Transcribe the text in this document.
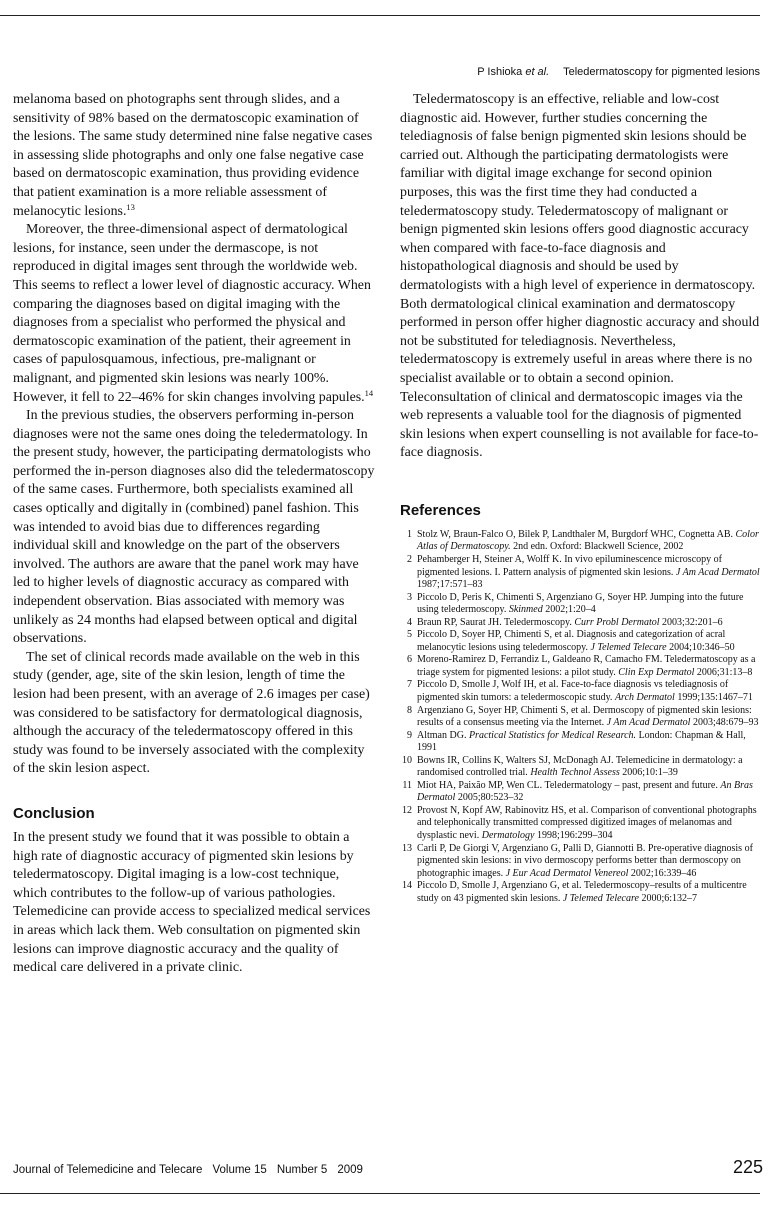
P Ishioka et al. Teledermatoscopy for pigmented lesions

melanoma based on photographs sent through slides, and a sensitivity of 98% based on the dermatoscopic examination of the lesions. The same study determined nine false negative cases in assessing slide photographs and only one false negative case based on dermatoscopic examination, thus providing evidence that patient examination is a more reliable assessment of melanocytic lesions.$^{13}$

Moreover, the three-dimensional aspect of dermatological lesions, for instance, seen under the dermascope, is not reproduced in digital images sent through the worldwide web. This seems to reflect a lower level of diagnostic accuracy. When comparing the diagnoses based on digital imaging with the diagnoses from a specialist who performed the physical and dermatoscopic examination of the patient, their agreement in cases of papulosquamous, infectious, pre-malignant or malignant, and pigmented skin lesions was nearly 100%. However, it fell to 22–46% for skin changes involving papules.$^{14}$

In the previous studies, the observers performing in-person diagnoses were not the same ones doing the teledermatology. In the present study, however, the participating dermatologists who performed the in-person diagnoses also did the teledermatoscopy of the same cases. Furthermore, both specialists examined all cases optically and digitally in (combined) panel fashion. This was intended to avoid bias due to differences regarding individual skill and knowledge on the part of the observers involved. The authors are aware that the panel work may have led to higher levels of diagnostic accuracy as compared with independent observation. Bias associated with memory was unlikely as 24 months had elapsed between optical and digital observations.

The set of clinical records made available on the web in this study (gender, age, site of the skin lesion, length of time the lesion had been present, with an average of 2.6 images per case) was considered to be satisfactory for dermatological diagnosis, although the accuracy of the teledermatoscopy offered in this study was found to be inversely associated with the complexity of the skin lesion aspect.

Conclusion

In the present study we found that it was possible to obtain a high rate of diagnostic accuracy of pigmented skin lesions by teledermatoscopy. Digital imaging is a low-cost technique, which contributes to the follow-up of various pathologies. Telemedicine can provide access to specialized medical services in areas which lack them. Web consultation on pigmented skin lesions can improve diagnostic accuracy and the quality of medical care delivered in a private clinic.

Teledermatoscopy is an effective, reliable and low-cost diagnostic aid. However, further studies concerning the telediagnosis of false benign pigmented skin lesions should be carried out. Although the participating dermatologists were familiar with digital image exchange for second opinion purposes, this was the first time they had conducted a teledermatoscopy study. Teledermatoscopy of malignant or benign pigmented skin lesions offers good diagnostic accuracy when compared with face-to-face diagnosis and histopathological diagnosis and should be used by dermatologists with a high level of experience in dermatoscopy. Both dermatological clinical examination and dermatoscopy performed in person offer higher diagnostic accuracy and should not be substituted for telediagnosis. Nevertheless, teledermatoscopy is extremely useful in areas where there is no specialist available or to obtain a second opinion. Teleconsultation of clinical and dermatoscopic images via the web represents a valuable tool for the diagnosis of pigmented skin lesions when expert counselling is not available for face-to-face diagnosis.

References
1 Stolz W, Braun-Falco O, Bilek P, Landthaler M, Burgdorf WHC, Cognetta AB. Color Atlas of Dermatoscopy. 2nd edn. Oxford: Blackwell Science, 2002
2 Pehamberger H, Steiner A, Wolff K. In vivo epiluminescence microscopy of pigmented lesions. I. Pattern analysis of pigmented skin lesions. J Am Acad Dermatol 1987;17:571–83
3 Piccolo D, Peris K, Chimenti S, Argenziano G, Soyer HP. Jumping into the future using teledermoscopy. Skinmed 2002;1:20–4
4 Braun RP, Saurat JH. Teledermoscopy. Curr Probl Dermatol 2003;32:201–6
5 Piccolo D, Soyer HP, Chimenti S, et al. Diagnosis and categorization of acral melanocytic lesions using teledermoscopy. J Telemed Telecare 2004;10:346–50
6 Moreno-Ramirez D, Ferrandiz L, Galdeano R, Camacho FM. Teledermatoscopy as a triage system for pigmented lesions: a pilot study. Clin Exp Dermatol 2006;31:13–8
7 Piccolo D, Smolle J, Wolf IH, et al. Face-to-face diagnosis vs telediagnosis of pigmented skin tumors: a teledermoscopic study. Arch Dermatol 1999;135:1467–71
8 Argenziano G, Soyer HP, Chimenti S, et al. Dermoscopy of pigmented skin lesions: results of a consensus meeting via the Internet. J Am Acad Dermatol 2003;48:679–93
9 Altman DG. Practical Statistics for Medical Research. London: Chapman & Hall, 1991
10 Bowns IR, Collins K, Walters SJ, McDonagh AJ. Telemedicine in dermatology: a randomised controlled trial. Health Technol Assess 2006;10:1–39
11 Miot HA, Paixão MP, Wen CL. Teledermatology – past, present and future. An Bras Dermatol 2005;80:523–32
12 Provost N, Kopf AW, Rabinovitz HS, et al. Comparison of conventional photographs and telephonically transmitted compressed digitized images of melanomas and dysplastic nevi. Dermatology 1998;196:299–304
13 Carli P, De Giorgi V, Argenziano G, Palli D, Giannotti B. Pre-operative diagnosis of pigmented skin lesions: in vivo dermoscopy performs better than dermoscopy on photographic images. J Eur Acad Dermatol Venereol 2002;16:339–46
14 Piccolo D, Smolle J, Argenziano G, et al. Teledermoscopy–results of a multicentre study on 43 pigmented skin lesions. J Telemed Telecare 2000;6:132–7
Journal of Telemedicine and Telecare Volume 15 Number 5 2009	225
